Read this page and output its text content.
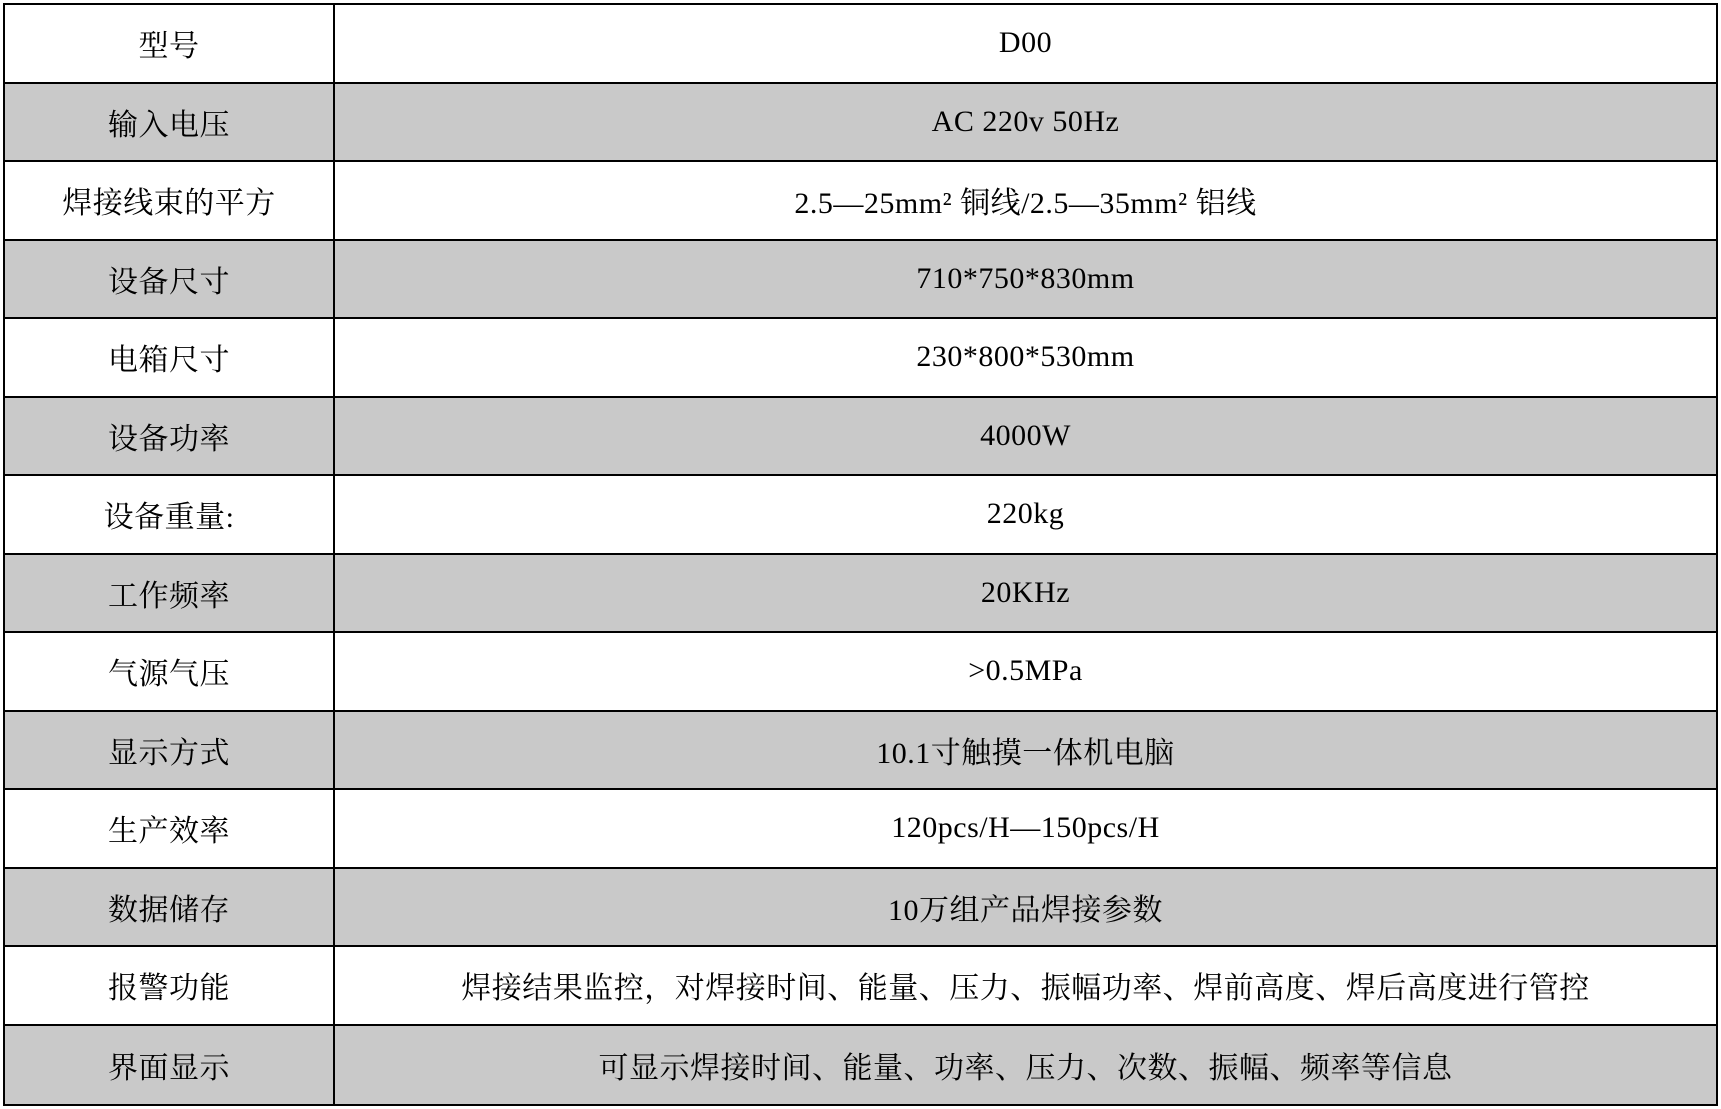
型号	D00
输入电压	AC 220v 50Hz
焊接线束的平方	2.5—25mm² 铜线/2.5—35mm² 铝线
设备尺寸	710*750*830mm
电箱尺寸	230*800*530mm
设备功率	4000W
设备重量:	220kg
工作频率	20KHz
气源气压	>0.5MPa
显示方式	10.1寸触摸一体机电脑
生产效率	120pcs/H—150pcs/H
数据储存	10万组产品焊接参数
报警功能	焊接结果监控，对焊接时间、能量、压力、振幅功率、焊前高度、焊后高度进行管控
界面显示	可显示焊接时间、能量、功率、压力、次数、振幅、频率等信息
